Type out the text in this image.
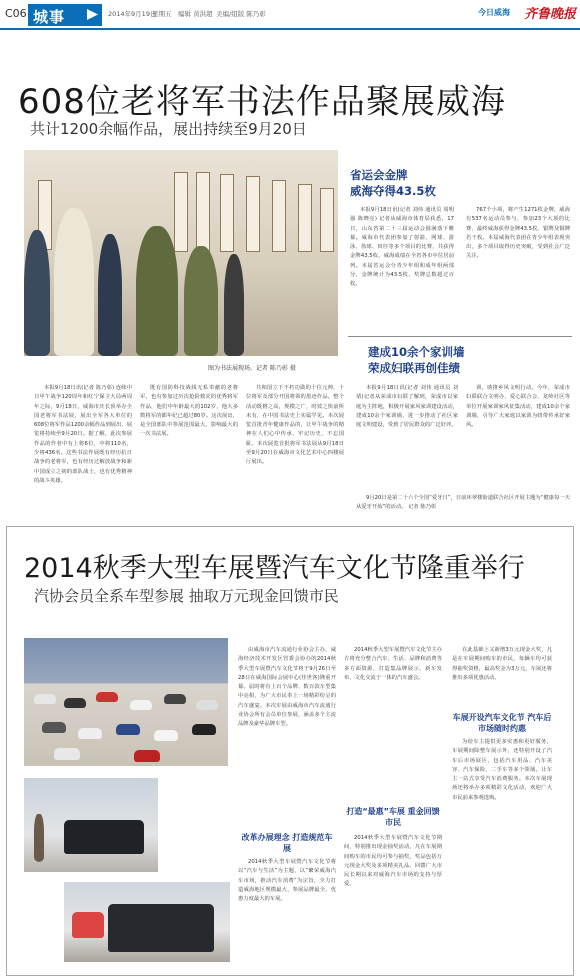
C06 城事	2014年9月19日
星期五 编辑 黄洪超 美编/组版 陈乃彰	今日威海 齐鲁晚报
608位老将军书法作品聚展威海
共计1200余幅作品，展出持续至9月20日
图为书法展现场。记者 陈乃彰 摄
省运会金牌
威海夺得43.5枚

本报9月18日讯(记者 刘伟 通讯员 周明强 陈晓亮) 记者从威海市体育局获悉，17日，山东省第二十三届运动会圆满落下帷幕。威海市代表团参加了射箭、网球、游泳、篮球、田径等多个项目的比赛，共获得金牌43.5枚，威海成绩在全省各市中位居前列。本届省运会分青少年组和成年组两部分，金牌统计为43.5枚，奖牌总数超过百枚。

767个小项，将产生1271枚金牌，威海有537名运动员参与，参加23个大项的比赛，最终威海获得金牌43.5枚、银牌及铜牌若干枚。本届威海代表团在青少年组表现突出，多个项目取得历史突破，受到社会广泛关注。

建成10余个家训墙
荣成妇联再创佳绩

本报9月18日讯(记者 陈乃彰) 连续中日甲午战争120周年和红宁保卫大局两周年之际，9月18日，威海市庆长顶举办全国老将军书法展，展出全军各大单位的608位将军作品1200余幅作品到展出，展览将持续至9月20日。据了解，此次参展作品的作者中有上将6位，中将110名，少将436名。这些书法作展既有经历抗日战争的老将军，也有经历过解放战争和新中国成立之初的部队战士，也有优秀精神的战斗英雄。

既有国防科技战线无私奉献的老将军，也有参加过历次抢险救灾的优秀将军作品，他们中年龄最大的102岁，他大多数将军的都年纪已超过80岁。这次展出，是全国部队中参展范围最大、影响最大的一次书法展。

共和国立下不朽功勋的十位元帅，十位将军及部分开国将领的墨迹作品。整个活动既格之高，规模之广，时效之快前所未有，在中国书法史上实属罕见。本次展览首批青年健康作品的，让甲午战争的精神在人们心中传承，牢记历史，不忘国耻。本次展览首批将军书法展从9月18日至9月20日在威海市文化艺术中心四楼展厅展出。

本报9月18日讯(记者 刘伟 通讯员 刘倩)记者从荣成市妇联了解到，荣成市以家庭为主阵地，积极开展家风家训建设活动，建成10余个家训墙，进一步推动了社区家庭文明建设，受到了居民群众的广泛好评。

训，助推乡风文明行动。今年，荣成市妇联联合文明办、爱心联合会、龙岭社区等单位开展家训家风征集活动，建成10余个家训墙，引导广大家庭以家训为纽带传承好家风。

9月20日是第二十六个全国“爱牙日”，日前环翠楼街道联合社区开展主题为“健康每一天 从爱牙开始”的活动。 记者 陈乃彰

2014秋季大型车展暨汽车文化节隆重举行
汽协会员全系车型参展 抽取万元现金回馈市民

由威海市汽车流通行业协会主办，威海经济技术开发区管委会协办的2014秋季大型车展暨汽车文化节将于9月26日至28日在威海国际会展中心(佳世客)隆重开幕。届时将有上百个品牌、数百款车型集中亮相，为广大市民奉上一场精彩纷呈的汽车盛宴。本次车展由威海市汽车流通行业协会所有会员单位参展，涵盖多个主流品牌及豪华品牌车型。

改革办展理念 打造规范车展

2014秋季大型车展暨汽车文化节将以“汽车与生活”为主题，以“繁荣威海汽车市场，推动汽车消费”为宗旨，全力打造威海地区规模最大、参展品牌最全、优惠力度最大的车展。

2014秋季大型车展暨汽车文化节主办方将充分整合汽车、生活、品牌和消费等多方面资源，打造集品牌展示、新车发布、文化交流于一体的汽车盛会。

打造“最惠”车展 重金回馈市民

2014秋季大型车展暨汽车文化节期间，特别推出现金抽奖活动，凡在车展期间购车的市民均可参与抽奖，奖品包括万元现金大奖及多项精美礼品，回馈广大市民长期以来对威海汽车市场的支持与厚爱。

在此基础上又新增3万元现金大奖，凡是在车展期间购车的市民，每辆车均可获得抽奖资格，最高奖金为3万元，车展还将推出多项优惠活动。

车展开设汽车文化节 汽车后市场随时约惠

为给车主提供更多实惠和更好服务，车展期间除整车展示外，还特别开设了汽车后市场展区，包括汽车用品、汽车美容、汽车保险、二手车等多个领域，让车主一站式享受汽车消费服务。本次车展现场还将举办多项精彩文化活动，欢迎广大市民前来参观选购。
